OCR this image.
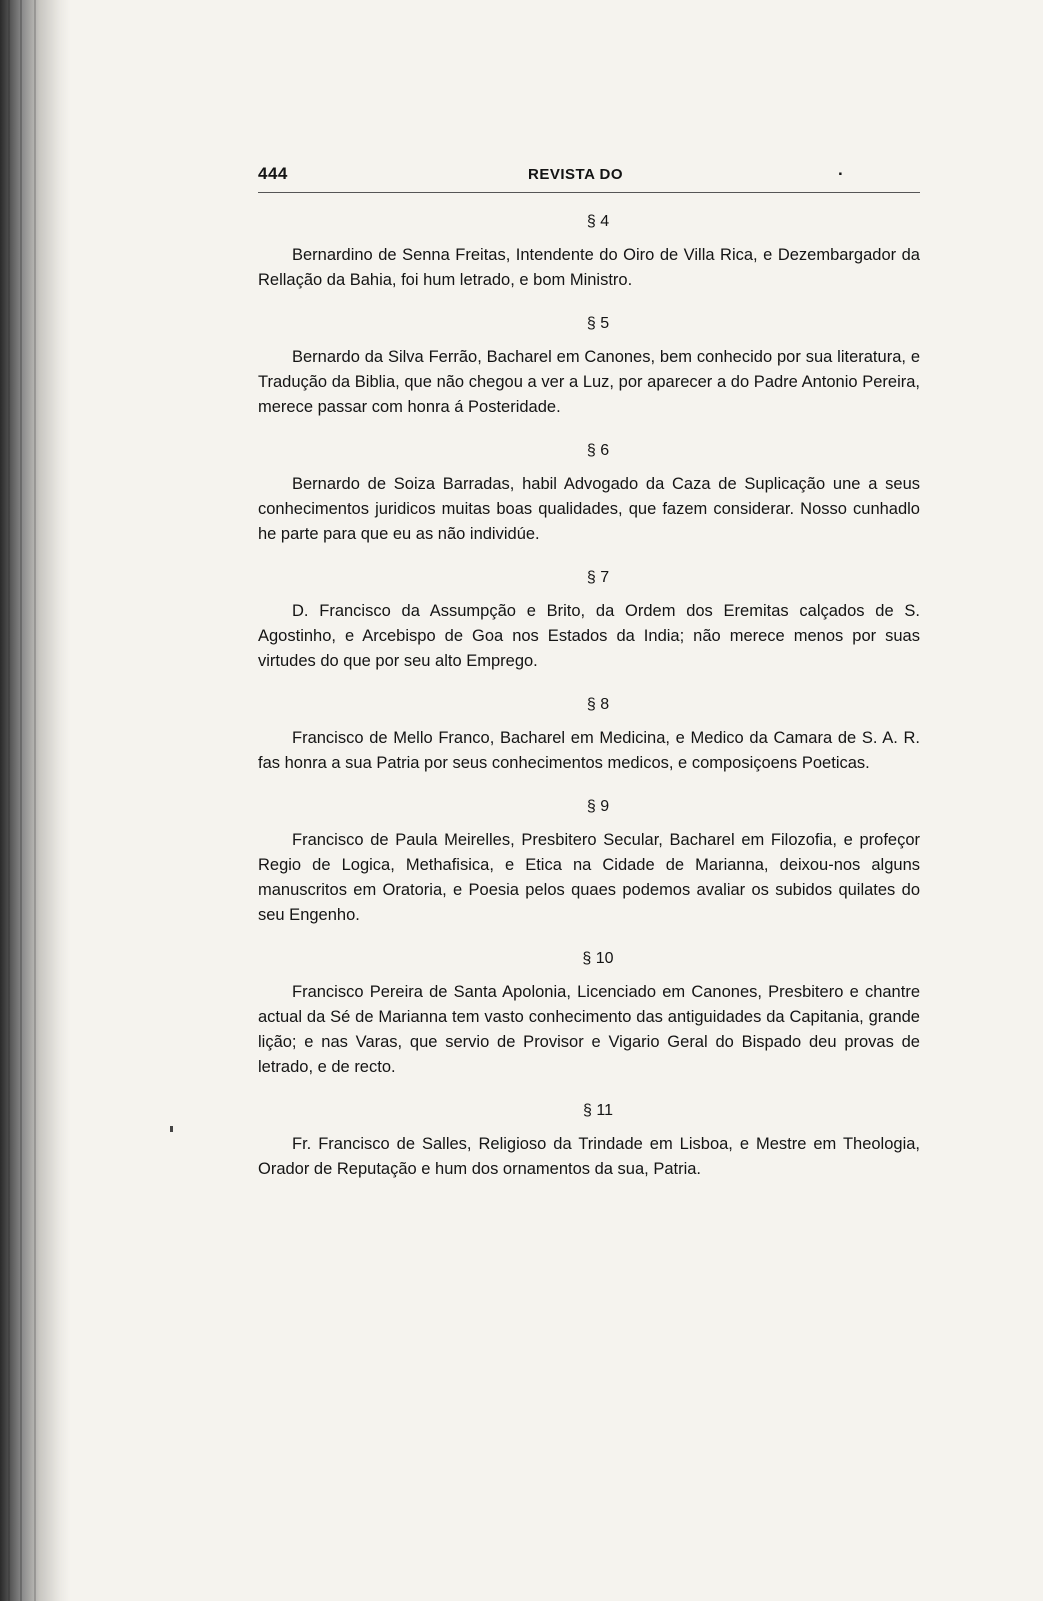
444	REVISTA DO	.
§ 4

Bernardino de Senna Freitas, Intendente do Oiro de Villa Rica, e Dezembargador da Rellação da Bahia, foi hum letrado, e bom Ministro.

§ 5

Bernardo da Silva Ferrão, Bacharel em Canones, bem conhecido por sua literatura, e Tradução da Biblia, que não chegou a ver a Luz, por aparecer a do Padre Antonio Pereira, merece passar com honra á Posteridade.

§ 6

Bernardo de Soiza Barradas, habil Advogado da Caza de Suplicação une a seus conhecimentos juridicos muitas boas qualidades, que fazem considerar. Nosso cunhadlo he parte para que eu as não individúe.

§ 7

D. Francisco da Assumpção e Brito, da Ordem dos Eremitas calçados de S. Agostinho, e Arcebispo de Goa nos Estados da India; não merece menos por suas virtudes do que por seu alto Emprego.

§ 8

Francisco de Mello Franco, Bacharel em Medicina, e Medico da Camara de S. A. R. fas honra a sua Patria por seus conhecimentos medicos, e composiçoens Poeticas.

§ 9

Francisco de Paula Meirelles, Presbitero Secular, Bacharel em Filozofia, e profeçor Regio de Logica, Methafisica, e Etica na Cidade de Marianna, deixou-nos alguns manuscritos em Oratoria, e Poesia pelos quaes podemos avaliar os subidos quilates do seu Engenho.

§ 10

Francisco Pereira de Santa Apolonia, Licenciado em Canones, Presbitero e chantre actual da Sé de Marianna tem vasto conhecimento das antiguidades da Capitania, grande lição; e nas Varas, que servio de Provisor e Vigario Geral do Bispado deu provas de letrado, e de recto.

§ 11

Fr. Francisco de Salles, Religioso da Trindade em Lisboa, e Mestre em Theologia, Orador de Reputação e hum dos ornamentos da sua, Patria.
